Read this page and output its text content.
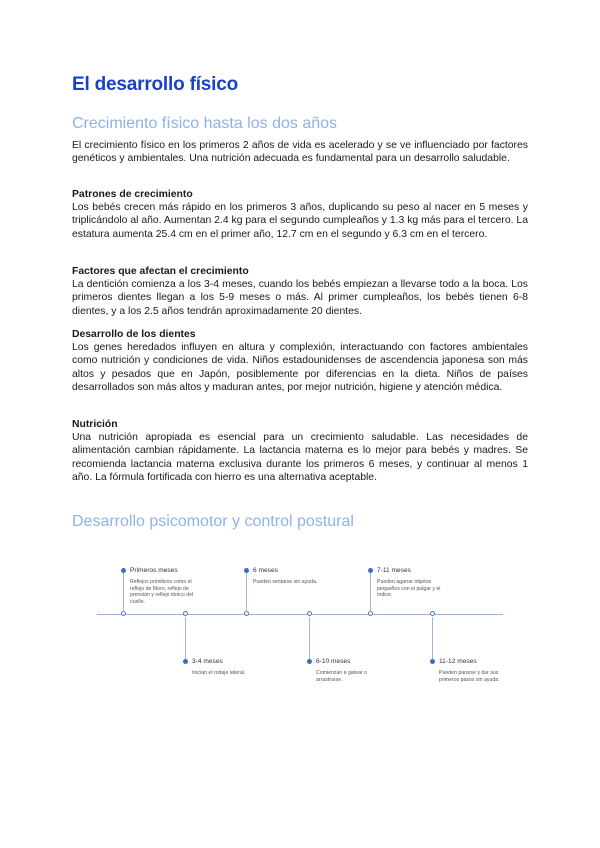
El desarrollo físico
Crecimiento físico hasta los dos años

El crecimiento físico en los primeros 2 años de vida es acelerado y se ve influenciado por factores genéticos y ambientales. Una nutrición adecuada es fundamental para un desarrollo saludable.

Patrones de crecimiento

Los bebés crecen más rápido en los primeros 3 años, duplicando su peso al nacer en 5 meses y triplicándolo al año. Aumentan 2.4 kg para el segundo cumpleaños y 1.3 kg más para el tercero. La estatura aumenta 25.4 cm en el primer año, 12.7 cm en el segundo y 6.3 cm en el tercero.

Factores que afectan el crecimiento

La dentición comienza a los 3-4 meses, cuando los bebés empiezan a llevarse todo a la boca. Los primeros dientes llegan a los 5-9 meses o más. Al primer cumpleaños, los bebés tienen 6-8 dientes, y a los 2.5 años tendrán aproximadamente 20 dientes.

Desarrollo de los dientes

Los genes heredados influyen en altura y complexión, interactuando con factores ambientales como nutrición y condiciones de vida. Niños estadounidenses de ascendencia japonesa son más altos y pesados que en Japón, posiblemente por diferencias en la dieta. Niños de países desarrollados son más altos y maduran antes, por mejor nutrición, higiene y atención médica.

Nutrición

Una nutrición apropiada es esencial para un crecimiento saludable. Las necesidades de alimentación cambian rápidamente. La lactancia materna es lo mejor para bebés y madres. Se recomienda lactancia materna exclusiva durante los primeros 6 meses, y continuar al menos 1 año. La fórmula fortificada con hierro es una alternativa aceptable.

Desarrollo psicomotor y control postural
Primeros meses
Reflejos primitivos como el reflejo de Moro, reflejo de prensión y reflejo tónico del cuello.
6 meses
Pueden sentarse sin ayuda.
7-11 meses
Pueden agarrar objetos pequeños con el pulgar y el índice.
3-4 meses
Inician el rodaje lateral.
6-10 meses
Comienzan a gatear o arrastrarse.
11-12 meses
Pueden pararse y dar sus primeros pasos sin ayuda.
